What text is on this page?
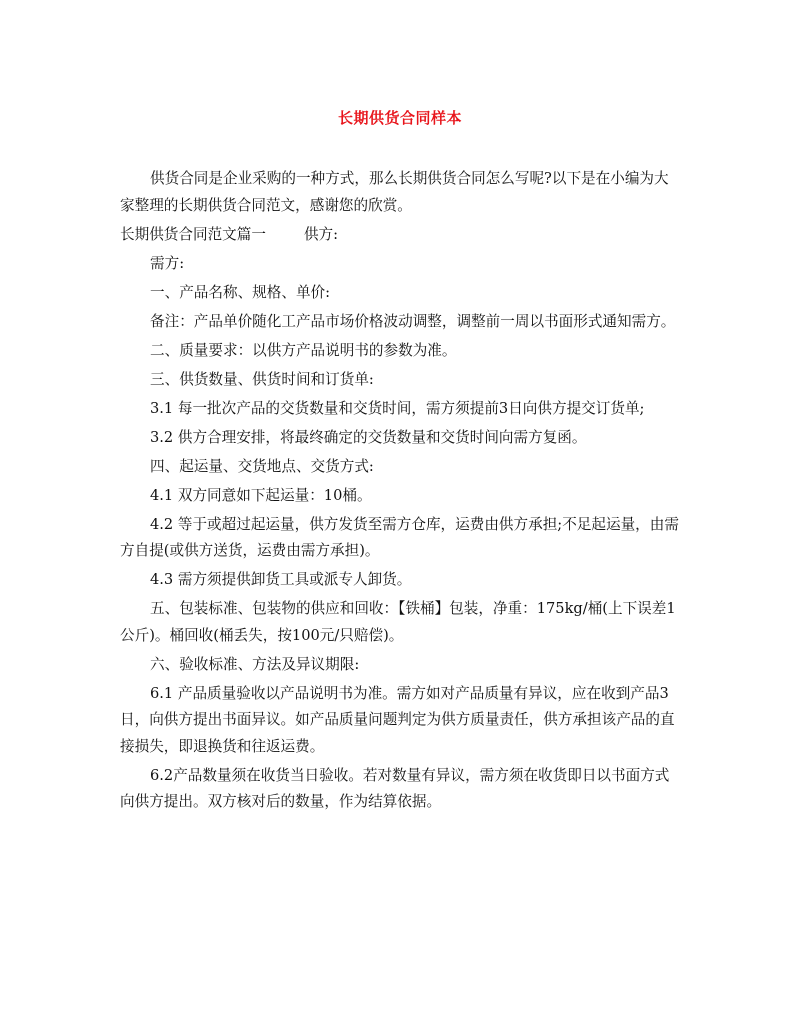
长期供货合同样本

供货合同是企业采购的一种方式，那么长期供货合同怎么写呢?以下是在小编为大家整理的长期供货合同范文，感谢您的欣赏。

长期供货合同范文篇一	供方:

需方:

一、产品名称、规格、单价:

备注：产品单价随化工产品市场价格波动调整，调整前一周以书面形式通知需方。

二、质量要求：以供方产品说明书的参数为准。

三、供货数量、供货时间和订货单:

3.1 每一批次产品的交货数量和交货时间，需方须提前3日向供方提交订货单;

3.2 供方合理安排，将最终确定的交货数量和交货时间向需方复函。

四、起运量、交货地点、交货方式:

4.1 双方同意如下起运量：10桶。

4.2 等于或超过起运量，供方发货至需方仓库，运费由供方承担;不足起运量，由需方自提(或供方送货，运费由需方承担)。

4.3 需方须提供卸货工具或派专人卸货。

五、包装标准、包装物的供应和回收：【铁桶】包装，净重：175kg/桶(上下误差1公斤)。桶回收(桶丢失，按100元/只赔偿)。

六、验收标准、方法及异议期限:

6.1 产品质量验收以产品说明书为准。需方如对产品质量有异议，应在收到产品3日，向供方提出书面异议。如产品质量问题判定为供方质量责任，供方承担该产品的直接损失，即退换货和往返运费。

6.2产品数量须在收货当日验收。若对数量有异议，需方须在收货即日以书面方式向供方提出。双方核对后的数量，作为结算依据。
